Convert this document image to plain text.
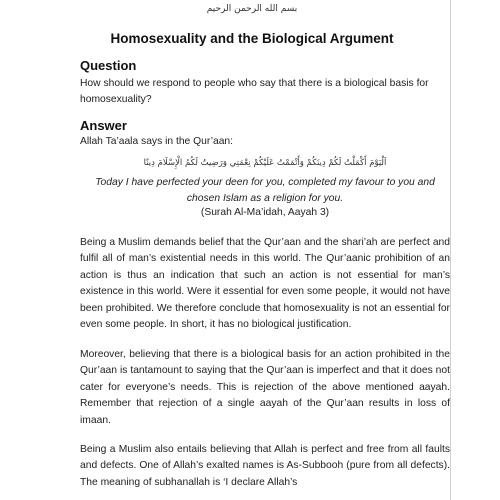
بسم الله الرحمن الرحيم
Homosexuality and the Biological Argument
Question

How should we respond to people who say that there is a biological basis for homosexuality?

Answer

Allah Ta’aala says in the Qur’aan:

اَلْيَوْمَ أَكْمَلْتُ لَكُمْ دِينَكُمْ وَأَتْمَمْتُ عَلَيْكُمْ نِعْمَتِي وَرَضِيتُ لَكُمُ الْإِسْلَامَ دِينًا

Today I have perfected your deen for you, completed my favour to you and chosen Islam as a religion for you.

(Surah Al-Ma’idah, Aayah 3)

Being a Muslim demands belief that the Qur’aan and the shari’ah are perfect and fulfil all of man’s existential needs in this world. The Qur’aanic prohibition of an action is thus an indication that such an action is not essential for man’s existence in this world. Were it essential for even some people, it would not have been prohibited. We therefore conclude that homosexuality is not an essential for even some people. In short, it has no biological justification.

Moreover, believing that there is a biological basis for an action prohibited in the Qur’aan is tantamount to saying that the Qur’aan is imperfect and that it does not cater for everyone’s needs. This is rejection of the above mentioned aayah. Remember that rejection of a single aayah of the Qur’aan results in loss of imaan.

Being a Muslim also entails believing that Allah is perfect and free from all faults and defects. One of Allah’s exalted names is As-Subbooh (pure from all defects). The meaning of subhanallah is ‘I declare Allah’s
